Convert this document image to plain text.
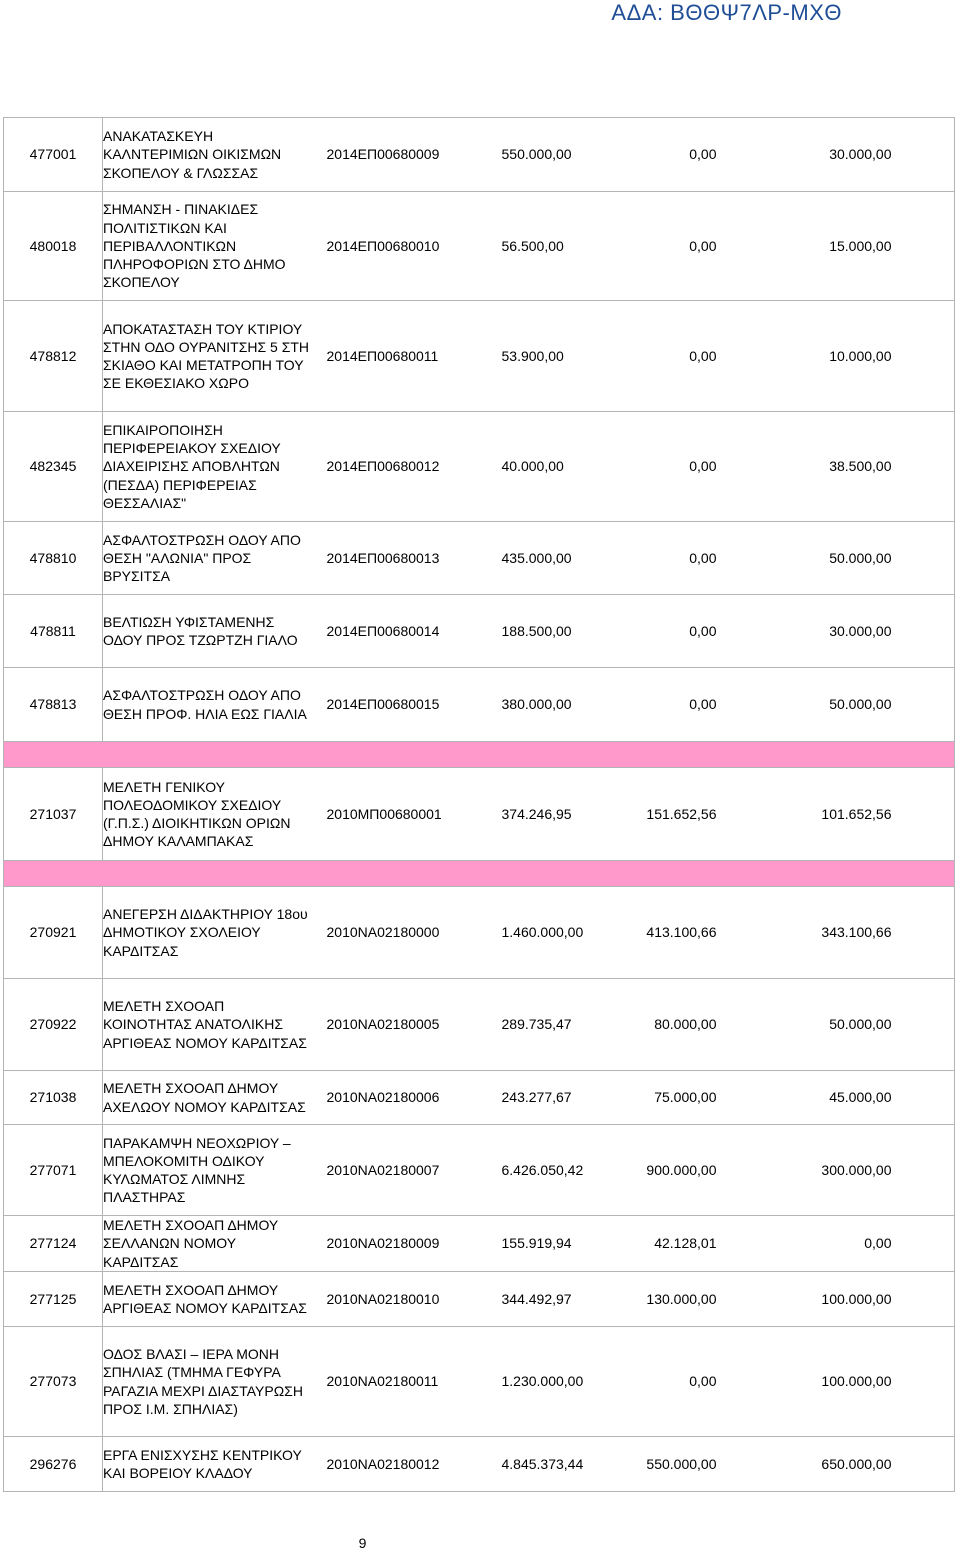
ΑΔΑ: ΒΘΘΨ7ΛΡ-ΜΧΘ
477001	ΑΝΑΚΑΤΑΣΚΕΥΗ ΚΑΛΝΤΕΡΙΜΙΩΝ ΟΙΚΙΣΜΩΝ ΣΚΟΠΕΛΟΥ & ΓΛΩΣΣΑΣ	2014ΕΠ00680009 550.000,00 0,00 30.000,00

480018	ΣΗΜΑΝΣΗ - ΠΙΝΑΚΙΔΕΣ ΠΟΛΙΤΙΣΤΙΚΩΝ ΚΑΙ ΠΕΡΙΒΑΛΛΟΝΤΙΚΩΝ ΠΛΗΡΟΦΟΡΙΩΝ ΣΤΟ ΔΗΜΟ ΣΚΟΠΕΛΟΥ	2014ΕΠ00680010 56.500,00 0,00 15.000,00

478812	ΑΠΟΚΑΤΑΣΤΑΣΗ ΤΟΥ ΚΤΙΡΙΟΥ ΣΤΗΝ ΟΔΟ ΟΥΡΑΝΙΤΣΗΣ 5 ΣΤΗ ΣΚΙΑΘΟ ΚΑΙ ΜΕΤΑΤΡΟΠΗ ΤΟΥ ΣΕ ΕΚΘΕΣΙΑΚΟ ΧΩΡΟ	2014ΕΠ00680011 53.900,00 0,00 10.000,00

482345	ΕΠΙΚΑΙΡΟΠΟΙΗΣΗ ΠΕΡΙΦΕΡΕΙΑΚΟΥ ΣΧΕΔΙΟΥ ΔΙΑΧΕΙΡΙΣΗΣ ΑΠΟΒΛΗΤΩΝ (ΠΕΣΔΑ) ΠΕΡΙΦΕΡΕΙΑΣ ΘΕΣΣΑΛΙΑΣ"	2014ΕΠ00680012 40.000,00 0,00 38.500,00

478810	ΑΣΦΑΛΤΟΣΤΡΩΣΗ ΟΔΟΥ ΑΠΟ ΘΕΣΗ "ΑΛΩΝΙΑ" ΠΡΟΣ ΒΡΥΣΙΤΣΑ	2014ΕΠ00680013 435.000,00 0,00 50.000,00

478811	ΒΕΛΤΙΩΣΗ ΥΦΙΣΤΑΜΕΝΗΣ ΟΔΟΥ ΠΡΟΣ ΤΖΩΡΤΖΗ ΓΙΑΛΟ	2014ΕΠ00680014 188.500,00 0,00 30.000,00

478813	ΑΣΦΑΛΤΟΣΤΡΩΣΗ ΟΔΟΥ ΑΠΟ ΘΕΣΗ ΠΡΟΦ. ΗΛΙΑ ΕΩΣ ΓΙΑΛΙΑ	2014ΕΠ00680015 380.000,00 0,00 50.000,00

271037	ΜΕΛΕΤΗ ΓΕΝΙΚΟΥ ΠΟΛΕΟΔΟΜΙΚΟΥ ΣΧΕΔΙΟΥ (Γ.Π.Σ.) ΔΙΟΙΚΗΤΙΚΩΝ ΟΡΙΩΝ ΔΗΜΟΥ ΚΑΛΑΜΠΑΚΑΣ	2010ΜΠ00680001 374.246,95 151.652,56 101.652,56

270921	ΑΝΕΓΕΡΣΗ ΔΙΔΑΚΤΗΡΙΟΥ 18ου ΔΗΜΟΤΙΚΟΥ ΣΧΟΛΕΙΟΥ ΚΑΡΔΙΤΣΑΣ	2010ΝΑ02180000 1.460.000,00 413.100,66 343.100,66

270922	ΜΕΛΕΤΗ ΣΧΟΟΑΠ ΚΟΙΝΟΤΗΤΑΣ ΑΝΑΤΟΛΙΚΗΣ ΑΡΓΙΘΕΑΣ ΝΟΜΟΥ ΚΑΡΔΙΤΣΑΣ	2010ΝΑ02180005 289.735,47 80.000,00 50.000,00

271038	ΜΕΛΕΤΗ ΣΧΟΟΑΠ ΔΗΜΟΥ ΑΧΕΛΩΟΥ ΝΟΜΟΥ ΚΑΡΔΙΤΣΑΣ	2010ΝΑ02180006 243.277,67 75.000,00 45.000,00

277071	ΠΑΡΑΚΑΜΨΗ ΝΕΟΧΩΡΙΟΥ – ΜΠΕΛΟΚΟΜΙΤΗ ΟΔΙΚΟΥ ΚΥΛΩΜΑΤΟΣ ΛΙΜΝΗΣ ΠΛΑΣΤΗΡΑΣ	2010ΝΑ02180007 6.426.050,42 900.000,00 300.000,00

277124	ΜΕΛΕΤΗ ΣΧΟΟΑΠ ΔΗΜΟΥ ΣΕΛΛΑΝΩΝ ΝΟΜΟΥ ΚΑΡΔΙΤΣΑΣ	2010ΝΑ02180009 155.919,94 42.128,01 0,00

277125	ΜΕΛΕΤΗ ΣΧΟΟΑΠ ΔΗΜΟΥ ΑΡΓΙΘΕΑΣ ΝΟΜΟΥ ΚΑΡΔΙΤΣΑΣ	2010ΝΑ02180010 344.492,97 130.000,00 100.000,00

277073	ΟΔΟΣ ΒΛΑΣΙ – ΙΕΡΑ ΜΟΝΗ ΣΠΗΛΙΑΣ (ΤΜΗΜΑ ΓΕΦΥΡΑ ΡΑΓΑΖΙΑ ΜΕΧΡΙ ΔΙΑΣΤΑΥΡΩΣΗ ΠΡΟΣ Ι.Μ. ΣΠΗΛΙΑΣ)	2010ΝΑ02180011 1.230.000,00 0,00 100.000,00

296276	ΕΡΓΑ ΕΝΙΣΧΥΣΗΣ ΚΕΝΤΡΙΚΟΥ ΚΑΙ ΒΟΡΕΙΟΥ ΚΛΑΔΟΥ	2010ΝΑ02180012 4.845.373,44 550.000,00 650.000,00
9
